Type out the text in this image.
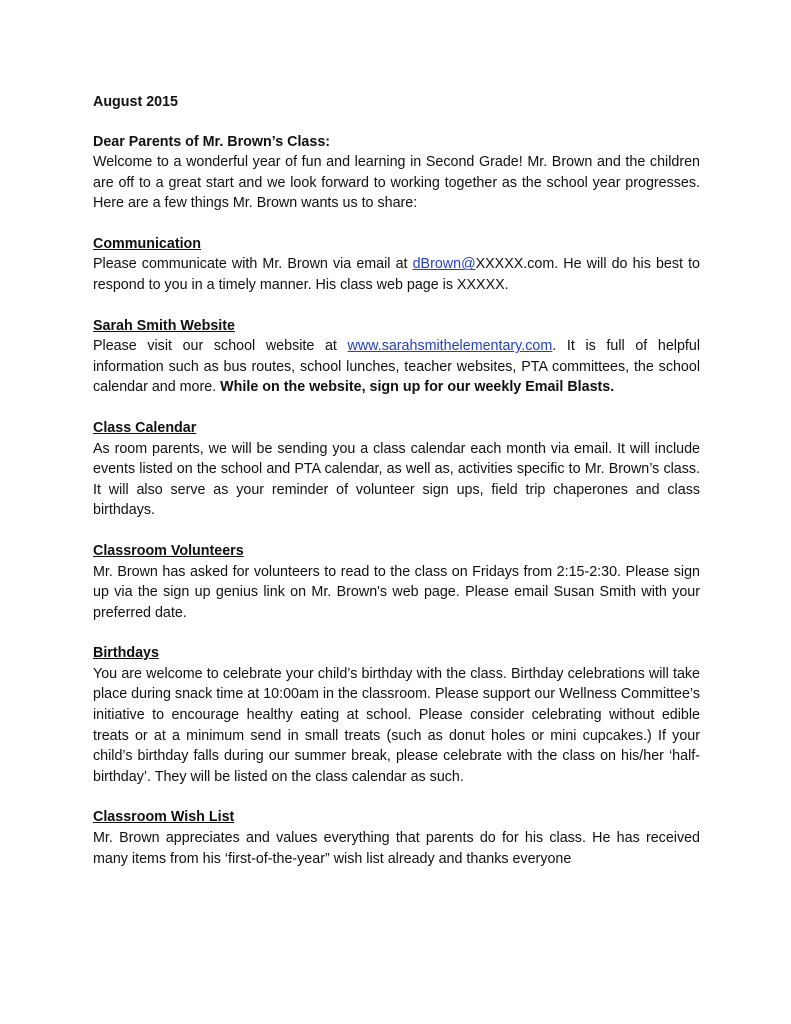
August 2015
Dear Parents of Mr. Brown’s Class:

Welcome to a wonderful year of fun and learning in Second Grade! Mr. Brown and the children are off to a great start and we look forward to working together as the school year progresses. Here are a few things Mr. Brown wants us to share:

Communication

Please communicate with Mr. Brown via email at dBrown@XXXXX.com. He will do his best to respond to you in a timely manner. His class web page is XXXXX.

Sarah Smith Website

Please visit our school website at www.sarahsmithelementary.com. It is full of helpful information such as bus routes, school lunches, teacher websites, PTA committees, the school calendar and more. While on the website, sign up for our weekly Email Blasts.

Class Calendar

As room parents, we will be sending you a class calendar each month via email. It will include events listed on the school and PTA calendar, as well as, activities specific to Mr. Brown’s class. It will also serve as your reminder of volunteer sign ups, field trip chaperones and class birthdays.

Classroom Volunteers

Mr. Brown has asked for volunteers to read to the class on Fridays from 2:15-2:30. Please sign up via the sign up genius link on Mr. Brown's web page. Please email Susan Smith with your preferred date.

Birthdays

You are welcome to celebrate your child’s birthday with the class. Birthday celebrations will take place during snack time at 10:00am in the classroom. Please support our Wellness Committee’s initiative to encourage healthy eating at school. Please consider celebrating without edible treats or at a minimum send in small treats (such as donut holes or mini cupcakes.) If your child’s birthday falls during our summer break, please celebrate with the class on his/her ‘half-birthday’. They will be listed on the class calendar as such.

Classroom Wish List

Mr. Brown appreciates and values everything that parents do for his class. He has received many items from his ‘first-of-the-year” wish list already and thanks everyone
